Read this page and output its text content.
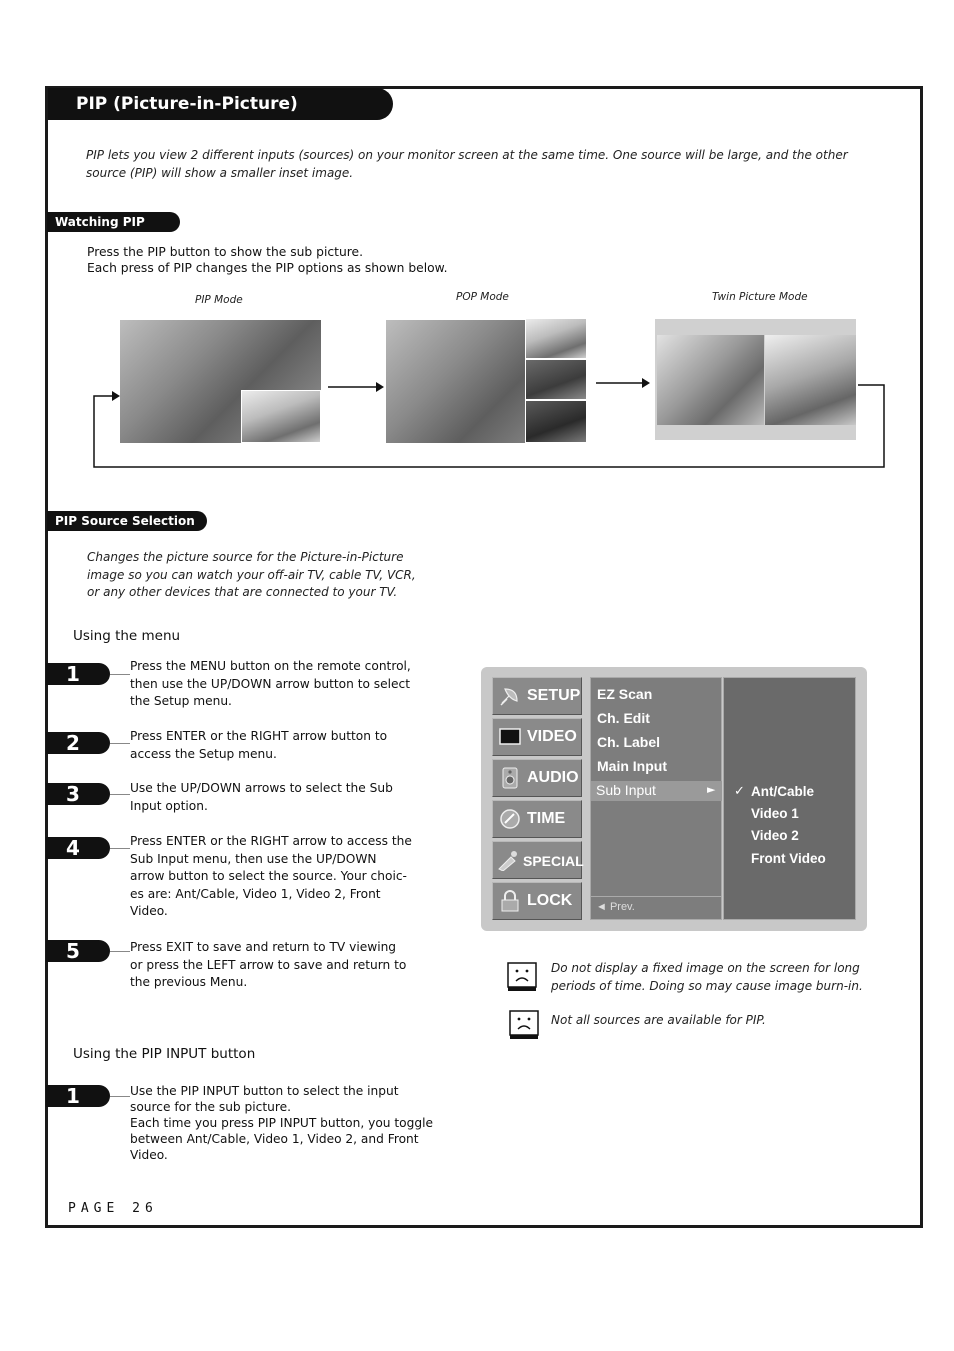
PIP (Picture-in-Picture)
PIP lets you view 2 different inputs (sources) on your monitor screen at the same time. One source will be large, and the other
source (PIP) will show a smaller inset image.
Watching PIP
Press the PIP button to show the sub picture.
Each press of PIP changes the PIP options as shown below.
PIP Mode	POP Mode	Twin Picture Mode
PIP Source Selection
Changes the picture source for the Picture-in-Picture
image so you can watch your off-air TV, cable TV, VCR,
or any other devices that are connected to your TV.
Using the menu
1	Press the MENU button on the remote control,
then use the UP/DOWN arrow button to select
the Setup menu.
2	Press ENTER or the RIGHT arrow button to
access the Setup menu.
3	Use the UP/DOWN arrows to select the Sub
Input option.
4	Press ENTER or the RIGHT arrow to access the
Sub Input menu, then use the UP/DOWN
arrow button to select the source. Your choic-
es are: Ant/Cable, Video 1, Video 2, Front
Video.
5	Press EXIT to save and return to TV viewing
or press the LEFT arrow to save and return to
the previous Menu.
Using the PIP INPUT button
1	Use the PIP INPUT button to select the input
source for the sub picture.
Each time you press PIP INPUT button, you toggle
between Ant/Cable, Video 1, Video 2, and Front
Video.
SETUP
VIDEO
AUDIO
TIME
SPECIAL
LOCK
EZ Scan
Ch. Edit
Ch. Label
Main Input
Sub Input	►
◄ Prev.
✓ Ant/Cable
Video 1
Video 2
Front Video
Do not display a fixed image on the screen for long
periods of time. Doing so may cause image burn-in.
Not all sources are available for PIP.
PAGE 26
